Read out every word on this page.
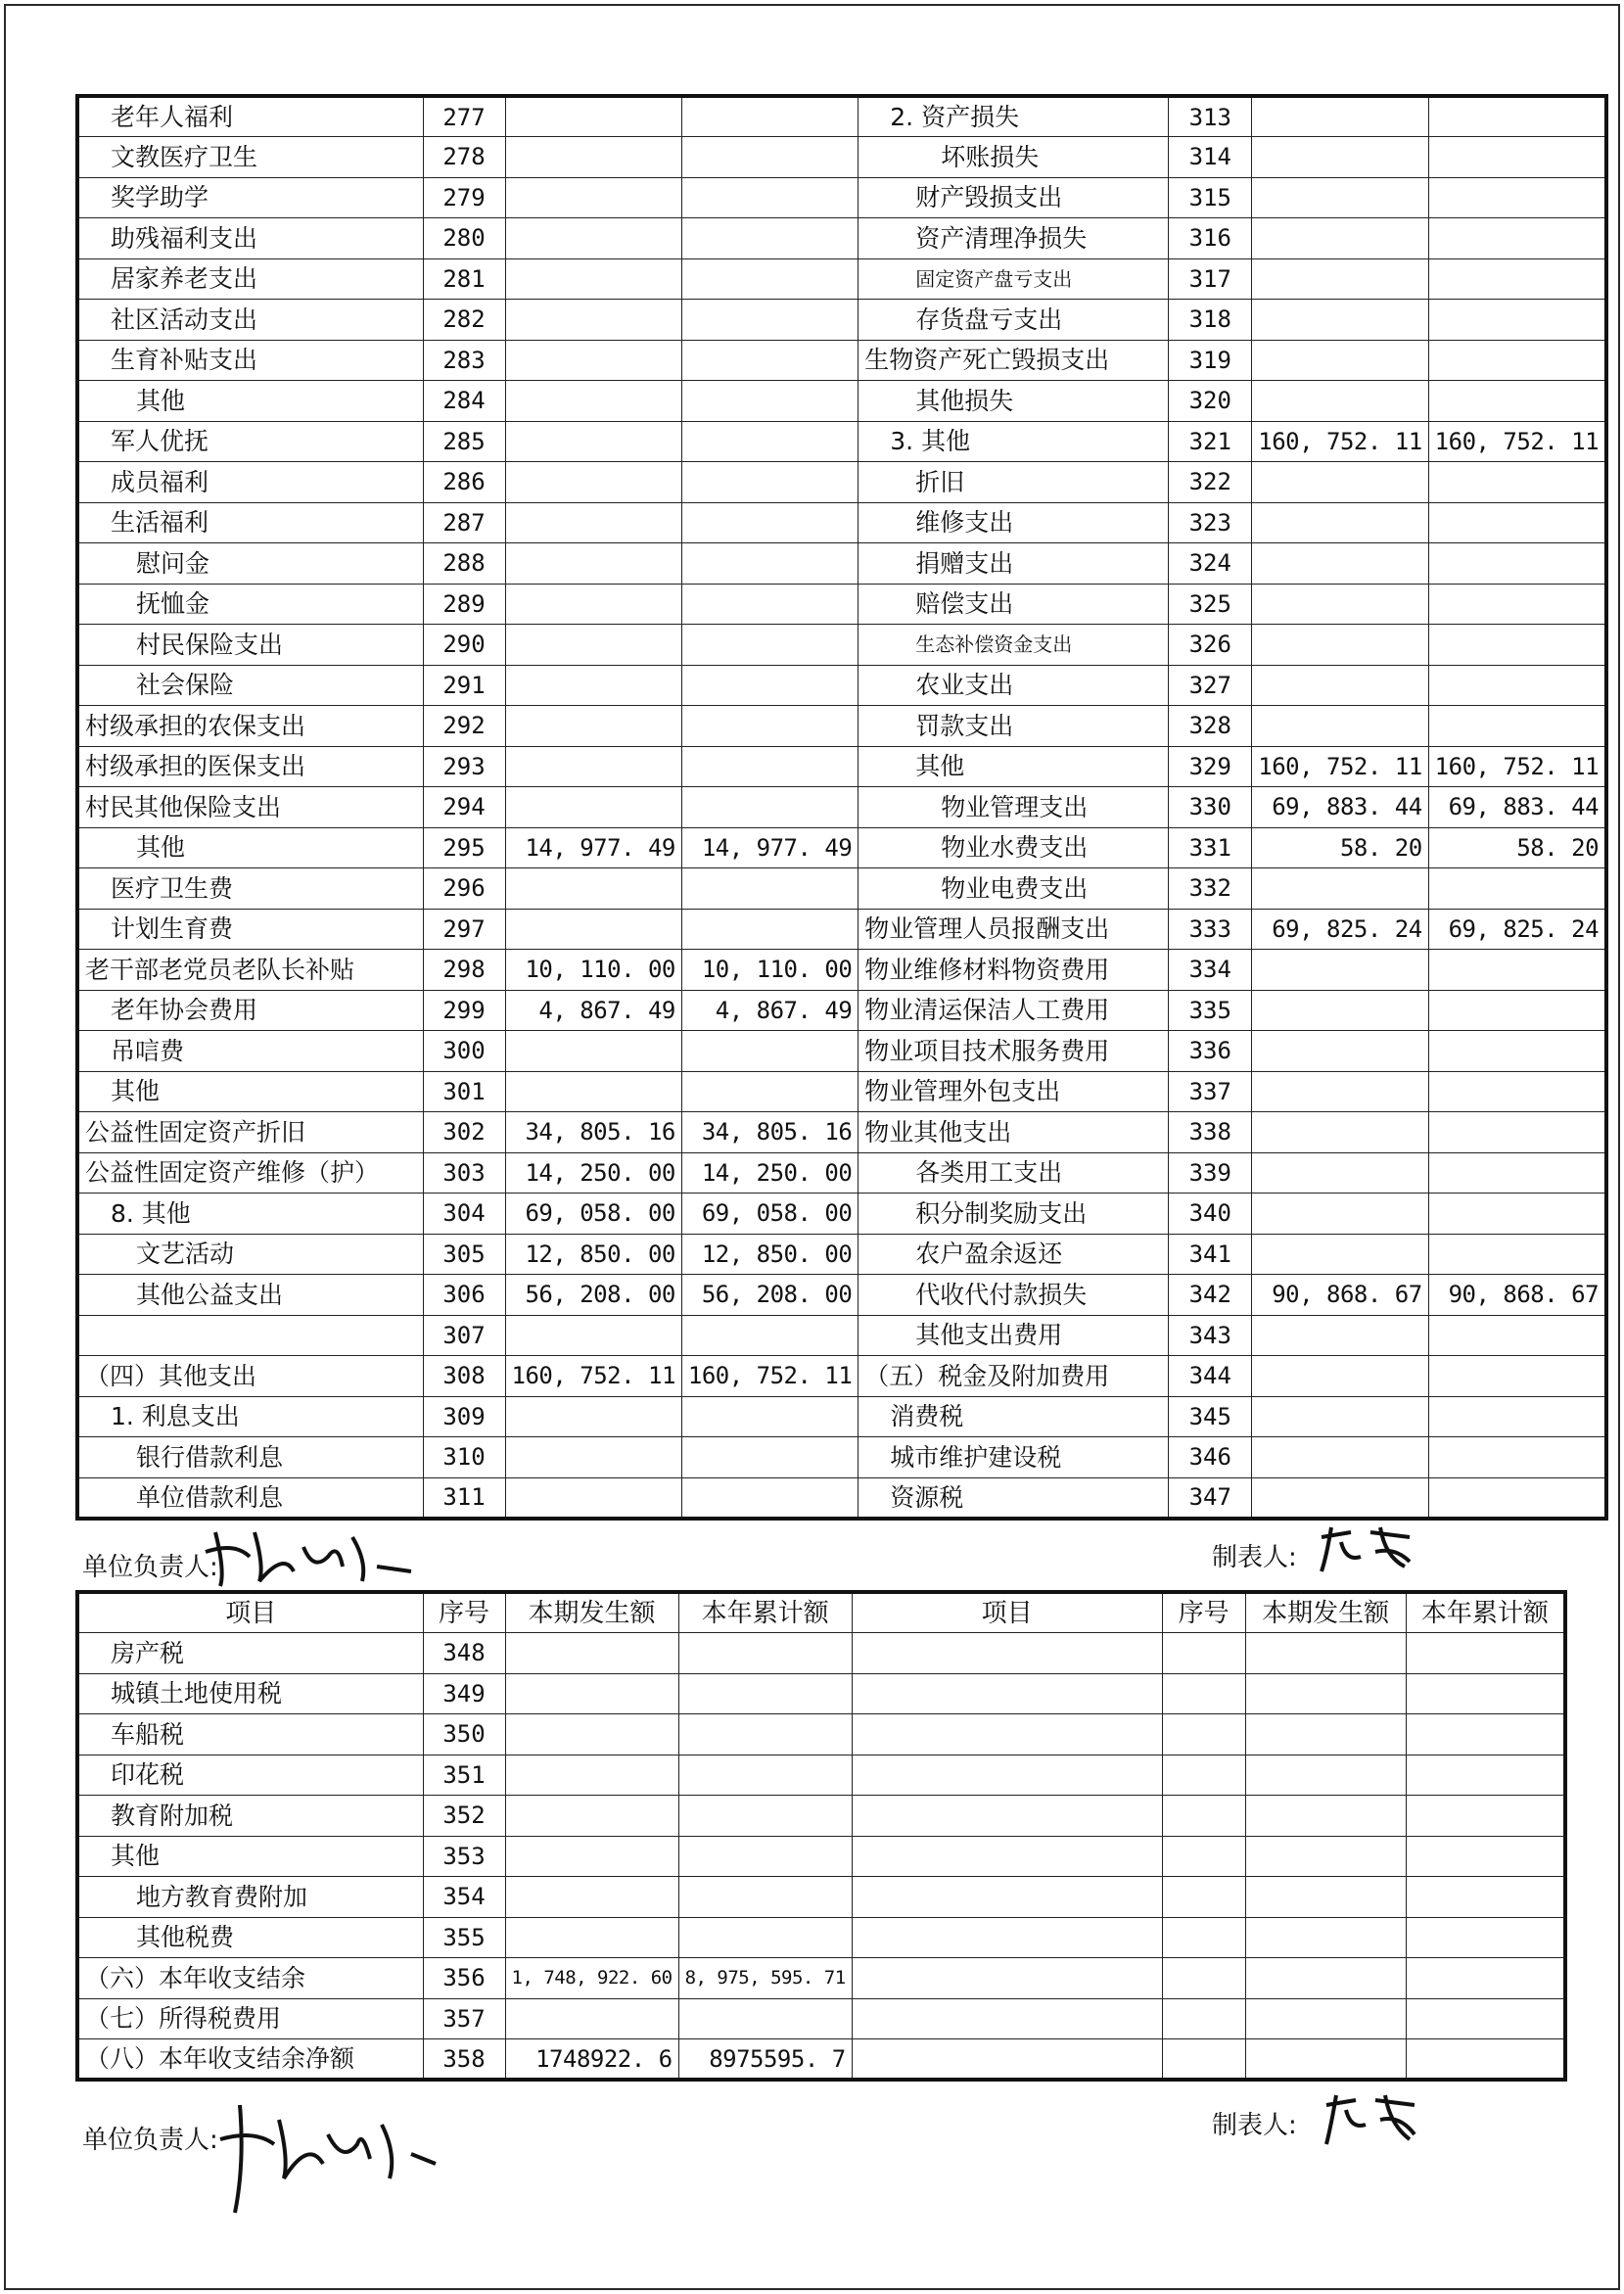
老年人福利	277			2. 资产损失	313		
文教医疗卫生	278			坏账损失	314		
奖学助学	279			财产毁损支出	315		
助残福利支出	280			资产清理净损失	316		
居家养老支出	281			固定资产盘亏支出	317		
社区活动支出	282			存货盘亏支出	318		
生育补贴支出	283			生物资产死亡毁损支出	319		
其他	284			其他损失	320		
军人优抚	285			3. 其他	321	160, 752. 11	160, 752. 11
成员福利	286			折旧	322		
生活福利	287			维修支出	323		
慰问金	288			捐赠支出	324		
抚恤金	289			赔偿支出	325		
村民保险支出	290			生态补偿资金支出	326		
社会保险	291			农业支出	327		
村级承担的农保支出	292			罚款支出	328		
村级承担的医保支出	293			其他	329	160, 752. 11	160, 752. 11
村民其他保险支出	294			物业管理支出	330	69, 883. 44	69, 883. 44
其他	295	14, 977. 49	14, 977. 49	物业水费支出	331	58. 20	58. 20
医疗卫生费	296			物业电费支出	332		
计划生育费	297			物业管理人员报酬支出	333	69, 825. 24	69, 825. 24
老干部老党员老队长补贴	298	10, 110. 00	10, 110. 00	物业维修材料物资费用	334		
老年协会费用	299	4, 867. 49	4, 867. 49	物业清运保洁人工费用	335		
吊唁费	300			物业项目技术服务费用	336		
其他	301			物业管理外包支出	337		
公益性固定资产折旧	302	34, 805. 16	34, 805. 16	物业其他支出	338		
公益性固定资产维修（护）	303	14, 250. 00	14, 250. 00	各类用工支出	339		
8. 其他	304	69, 058. 00	69, 058. 00	积分制奖励支出	340		
文艺活动	305	12, 850. 00	12, 850. 00	农户盈余返还	341		
其他公益支出	306	56, 208. 00	56, 208. 00	代收代付款损失	342	90, 868. 67	90, 868. 67
	307			其他支出费用	343		
（四）其他支出	308	160, 752. 11	160, 752. 11	（五）税金及附加费用	344		
1. 利息支出	309			消费税	345		
银行借款利息	310			城市维护建设税	346		
单位借款利息	311			资源税	347		
单位负责人:	制表人:
项目	序号	本期发生额	本年累计额	项目	序号	本期发生额	本年累计额
房产税	348						
城镇土地使用税	349						
车船税	350						
印花税	351						
教育附加税	352						
其他	353						
地方教育费附加	354						
其他税费	355						
（六）本年收支结余	356	1, 748, 922. 60	8, 975, 595. 71				
（七）所得税费用	357						
（八）本年收支结余净额	358	1748922. 6	8975595. 7				
单位负责人:	制表人:
